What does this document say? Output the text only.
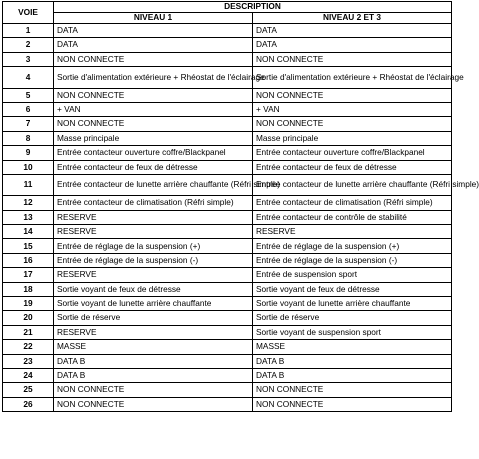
VOIE	DESCRIPTION	
	NIVEAU 1	NIVEAU 2 ET 3
1	DATA	DATA
2	DATA	DATA
3	NON CONNECTE	NON CONNECTE
4	Sortie d'alimentation extérieure + Rhéostat de l'éclairage	Sortie d'alimentation extérieure + Rhéostat de l'éclairage
5	NON CONNECTE	NON CONNECTE
6	+ VAN	+ VAN
7	NON CONNECTE	NON CONNECTE
8	Masse principale	Masse principale
9	Entrée contacteur ouverture coffre/Blackpanel	Entrée contacteur ouverture coffre/Blackpanel
10	Entrée contacteur de feux de détresse	Entrée contacteur de feux de détresse
11	Entrée contacteur de lunette arrière chauffante (Réfri simple)	Entrée contacteur de lunette arrière chauffante (Réfri simple)
12	Entrée contacteur de climatisation (Réfri simple)	Entrée contacteur de climatisation (Réfri simple)
13	RESERVE	Entrée contacteur de contrôle de stabilité
14	RESERVE	RESERVE
15	Entrée de réglage de la suspension (+)	Entrée de réglage de la suspension (+)
16	Entrée de réglage de la suspension (-)	Entrée de réglage de la suspension (-)
17	RESERVE	Entrée de suspension sport
18	Sortie voyant de feux de détresse	Sortie voyant de feux de détresse
19	Sortie voyant de lunette arrière chauffante	Sortie voyant de lunette arrière chauffante
20	Sortie de réserve	Sortie de réserve
21	RESERVE	Sortie voyant de suspension sport
22	MASSE	MASSE
23	DATA B	DATA B
24	DATA B	DATA B
25	NON CONNECTE	NON CONNECTE
26	NON CONNECTE	NON CONNECTE
